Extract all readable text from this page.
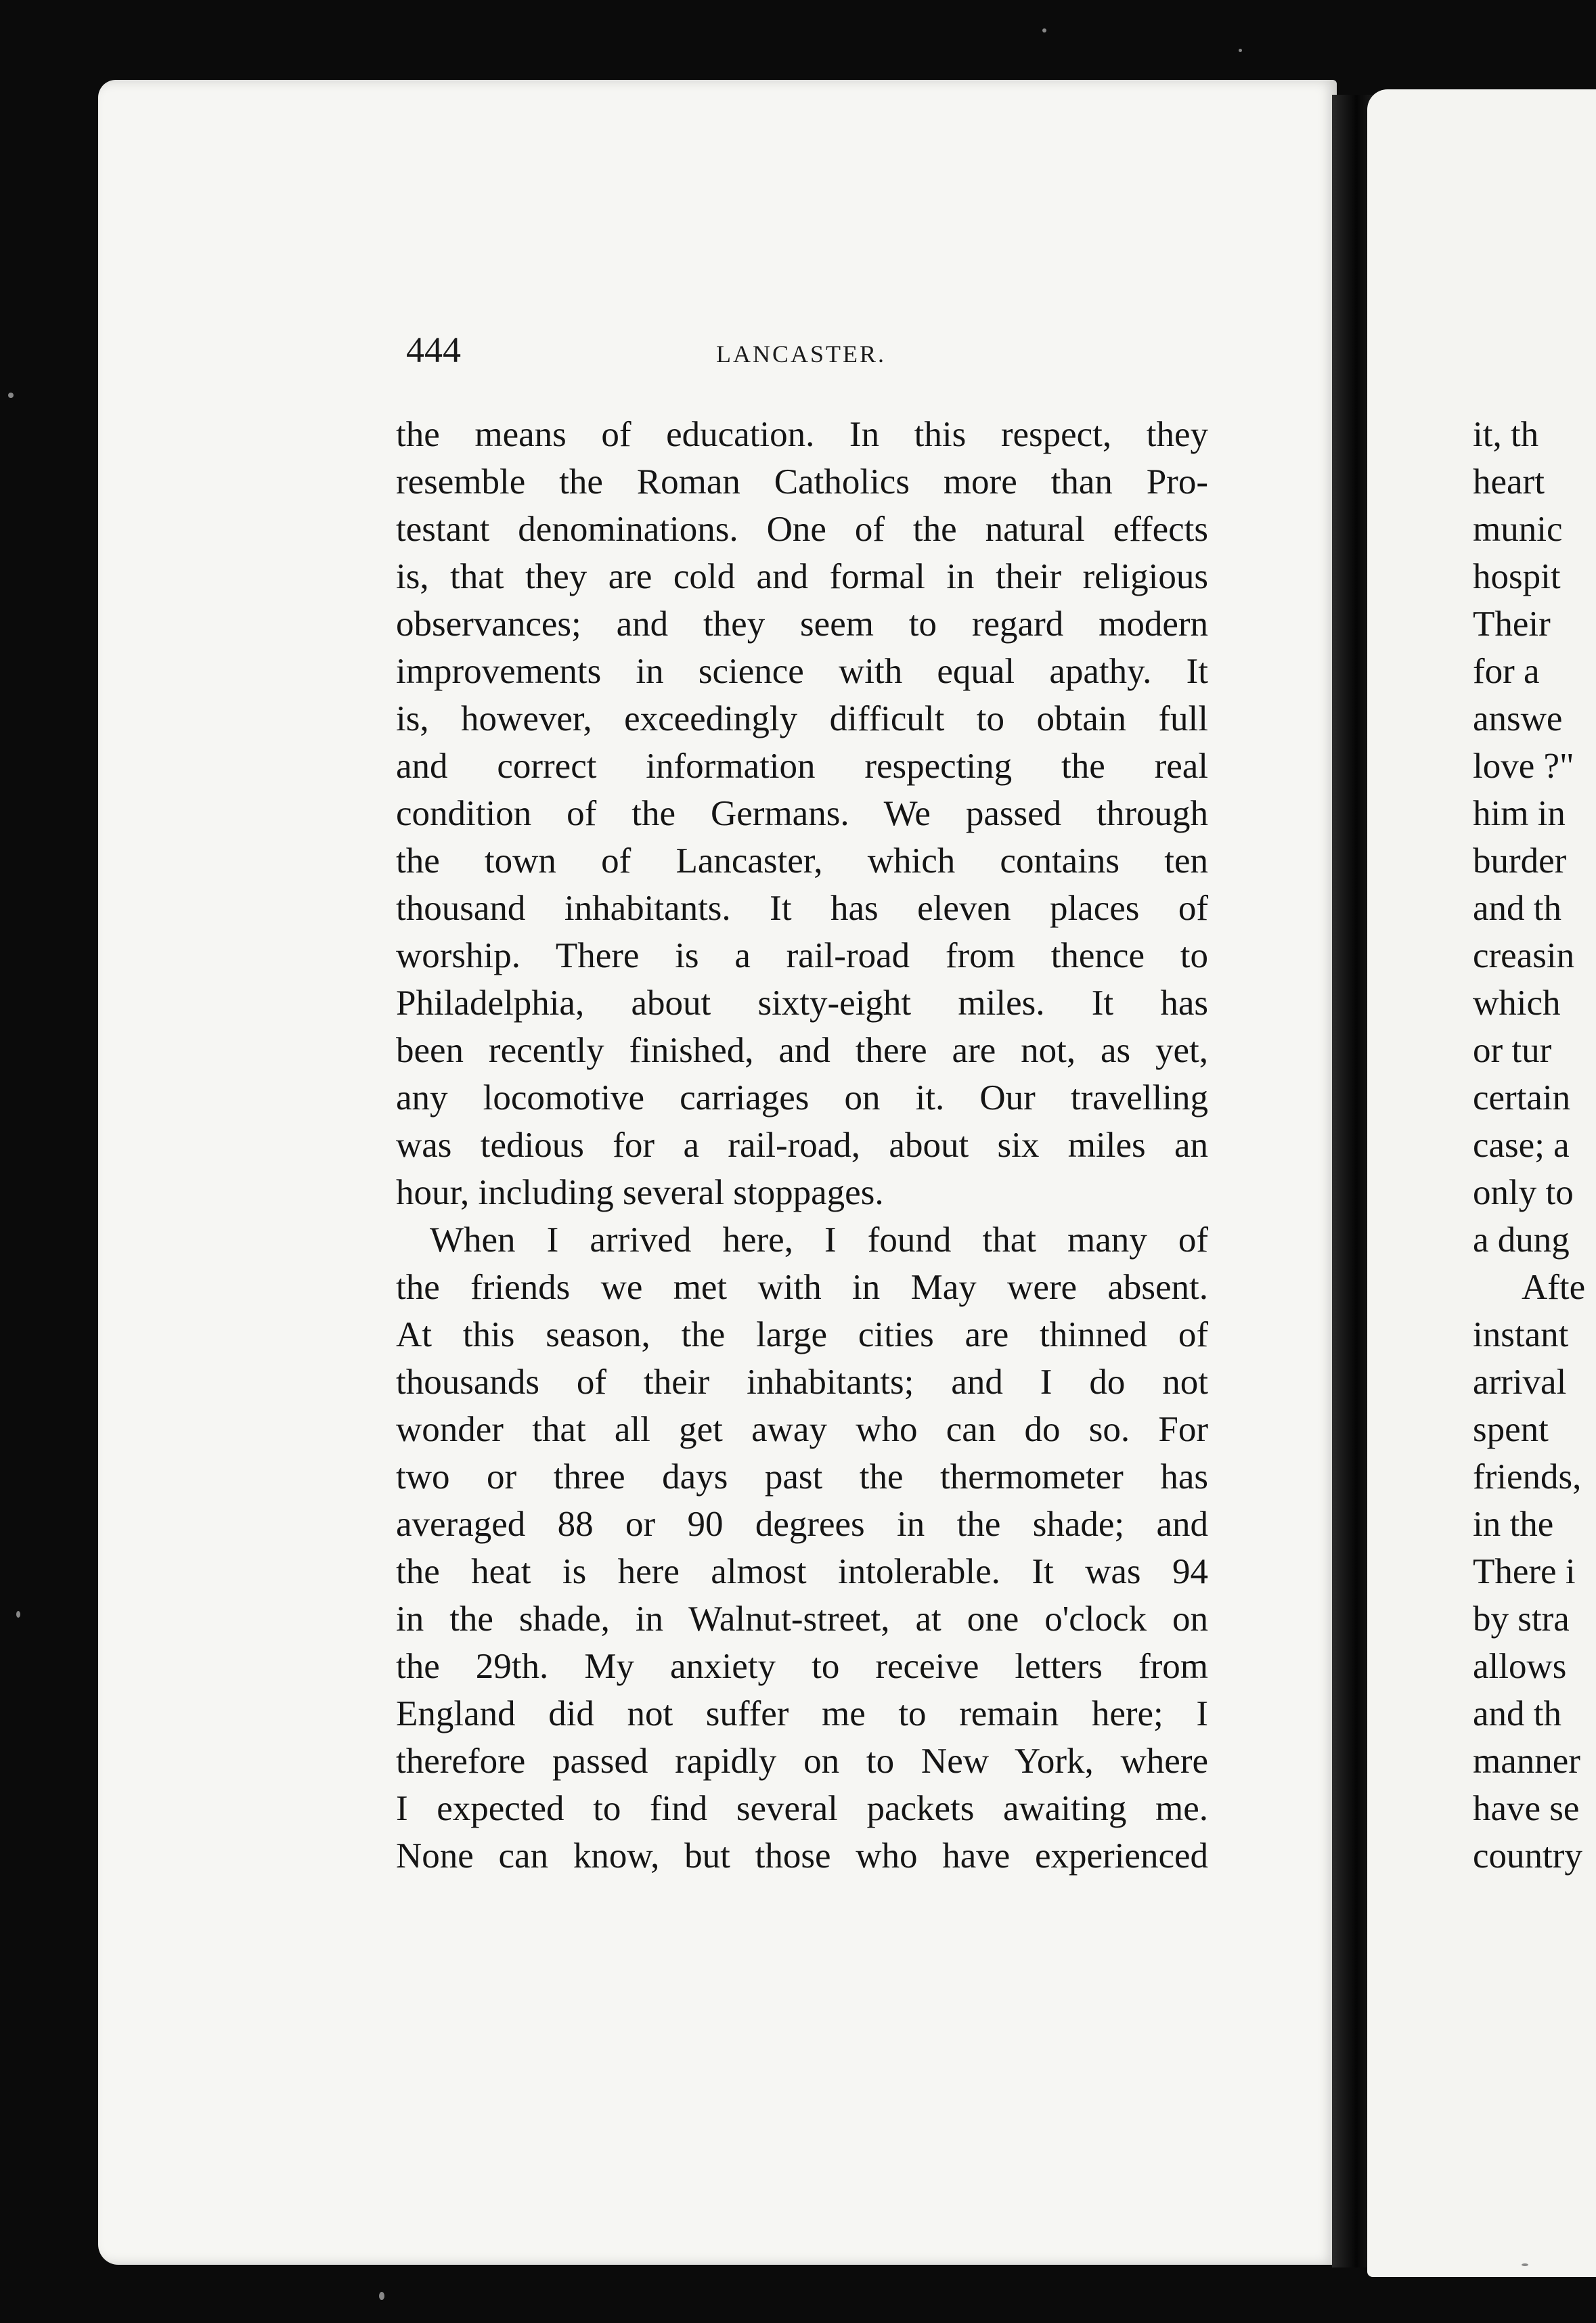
444	LANCASTER.
the means of education. In this respect, they
resemble the Roman Catholics more than Pro-
testant denominations. One of the natural effects
is, that they are cold and formal in their religious
observances; and they seem to regard modern
improvements in science with equal apathy. It
is, however, exceedingly difficult to obtain full
and correct information respecting the real
condition of the Germans. We passed through
the town of Lancaster, which contains ten
thousand inhabitants. It has eleven places of
worship. There is a rail-road from thence to
Philadelphia, about sixty-eight miles. It has
been recently finished, and there are not, as yet,
any locomotive carriages on it. Our travelling
was tedious for a rail-road, about six miles an
hour, including several stoppages.
When I arrived here, I found that many of
the friends we met with in May were absent.
At this season, the large cities are thinned of
thousands of their inhabitants; and I do not
wonder that all get away who can do so. For
two or three days past the thermometer has
averaged 88 or 90 degrees in the shade; and
the heat is here almost intolerable. It was 94
in the shade, in Walnut-street, at one o'clock on
the 29th. My anxiety to receive letters from
England did not suffer me to remain here; I
therefore passed rapidly on to New York, where
I expected to find several packets awaiting me.
None can know, but those who have experienced
it, th
heart
munic
hospit
Their
for a
answe
love ?"
him in
burder
and th
creasin
which
or tur
certain
case; a
only to
a dung
Afte
instant
arrival
spent
friends,
in the
There i
by stra
allows
and th
manner
have se
country
